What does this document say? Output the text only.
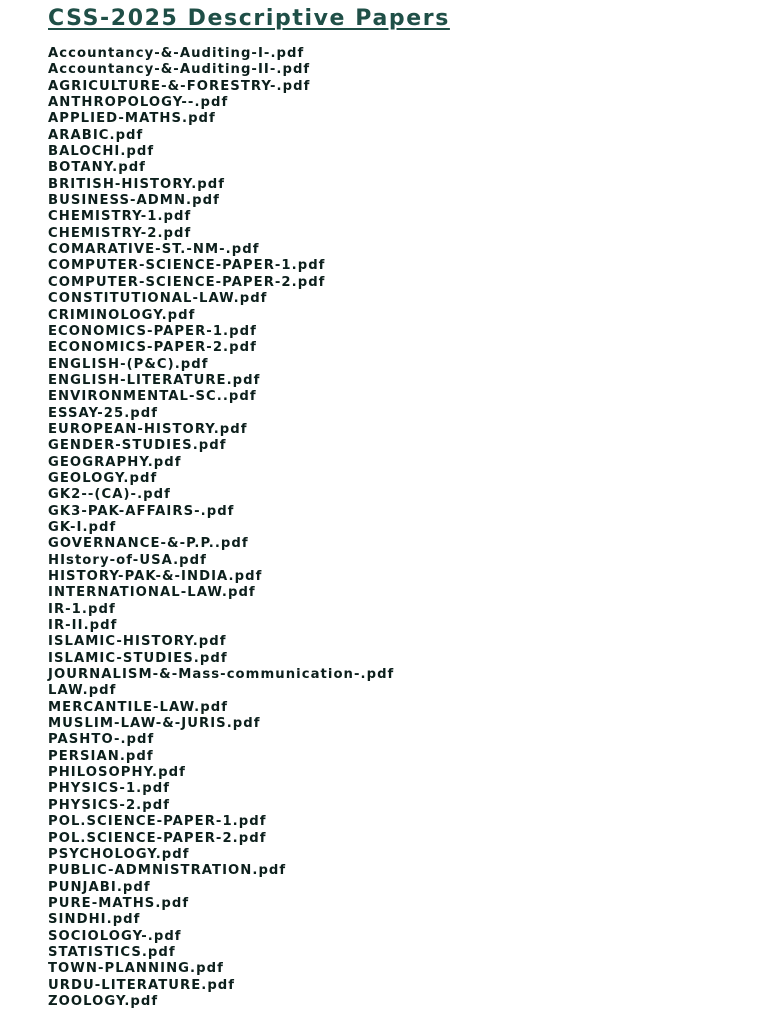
CSS-2025 Descriptive Papers
Accountancy-&-Auditing-I-.pdf
Accountancy-&-Auditing-II-.pdf
AGRICULTURE-&-FORESTRY-.pdf
ANTHROPOLOGY--.pdf
APPLIED-MATHS.pdf
ARABIC.pdf
BALOCHI.pdf
BOTANY.pdf
BRITISH-HISTORY.pdf
BUSINESS-ADMN.pdf
CHEMISTRY-1.pdf
CHEMISTRY-2.pdf
COMARATIVE-ST.-NM-.pdf
COMPUTER-SCIENCE-PAPER-1.pdf
COMPUTER-SCIENCE-PAPER-2.pdf
CONSTITUTIONAL-LAW.pdf
CRIMINOLOGY.pdf
ECONOMICS-PAPER-1.pdf
ECONOMICS-PAPER-2.pdf
ENGLISH-(P&C).pdf
ENGLISH-LITERATURE.pdf
ENVIRONMENTAL-SC..pdf
ESSAY-25.pdf
EUROPEAN-HISTORY.pdf
GENDER-STUDIES.pdf
GEOGRAPHY.pdf
GEOLOGY.pdf
GK2--(CA)-.pdf
GK3-PAK-AFFAIRS-.pdf
GK-I.pdf
GOVERNANCE-&-P.P..pdf
HIstory-of-USA.pdf
HISTORY-PAK-&-INDIA.pdf
INTERNATIONAL-LAW.pdf
IR-1.pdf
IR-II.pdf
ISLAMIC-HISTORY.pdf
ISLAMIC-STUDIES.pdf
JOURNALISM-&-Mass-communication-.pdf
LAW.pdf
MERCANTILE-LAW.pdf
MUSLIM-LAW-&-JURIS.pdf
PASHTO-.pdf
PERSIAN.pdf
PHILOSOPHY.pdf
PHYSICS-1.pdf
PHYSICS-2.pdf
POL.SCIENCE-PAPER-1.pdf
POL.SCIENCE-PAPER-2.pdf
PSYCHOLOGY.pdf
PUBLIC-ADMNISTRATION.pdf
PUNJABI.pdf
PURE-MATHS.pdf
SINDHI.pdf
SOCIOLOGY-.pdf
STATISTICS.pdf
TOWN-PLANNING.pdf
URDU-LITERATURE.pdf
ZOOLOGY.pdf
